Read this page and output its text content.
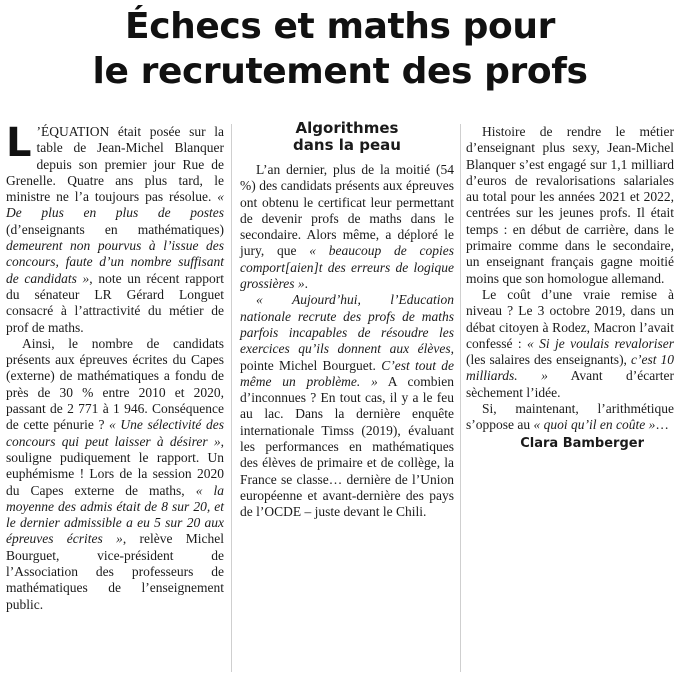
Échecs et maths pour
le recrutement des profs
L ’ÉQUATION était posée sur la table de Jean-Michel Blanquer depuis son premier jour Rue de Grenelle. Quatre ans plus tard, le ministre ne l’a toujours pas résolue. « De plus en plus de postes (d’enseignants en mathématiques) demeurent non pourvus à l’issue des concours, faute d’un nombre suffisant de candidats », note un récent rapport du sénateur LR Gérard Longuet consacré à l’attractivité du métier de prof de maths.

Ainsi, le nombre de candidats présents aux épreuves écrites du Capes (externe) de mathématiques a fondu de près de 30 % entre 2010 et 2020, passant de 2 771 à 1 946. Conséquence de cette pénurie ? « Une sélectivité des concours qui peut laisser à désirer », souligne pudiquement le rapport. Un euphémisme ! Lors de la session 2020 du Capes externe de maths, « la moyenne des admis était de 8 sur 20, et le dernier admissible a eu 5 sur 20 aux épreuves écrites », relève Michel Bourguet, vice-président de l’Association des professeurs de mathématiques de l’enseignement public.

Algorithmes
dans la peau

L’an dernier, plus de la moitié (54 %) des candidats présents aux épreuves ont obtenu le certificat leur permettant de devenir profs de maths dans le secondaire. Alors même, a déploré le jury, que « beaucoup de copies comport[aien]t des erreurs de logique grossières ».

« Aujourd’hui, l’Education nationale recrute des profs de maths parfois incapables de résoudre les exercices qu’ils donnent aux élèves, pointe Michel Bourguet. C’est tout de même un problème. » A combien d’inconnues ? En tout cas, il y a le feu au lac. Dans la dernière enquête internationale Timss (2019), évaluant les performances en mathématiques des élèves de primaire et de collège, la France se classe… dernière de l’Union européenne et avant-dernière des pays de l’OCDE – juste devant le Chili.

Histoire de rendre le métier d’enseignant plus sexy, Jean-Michel Blanquer s’est engagé sur 1,1 milliard d’euros de revalorisations salariales au total pour les années 2021 et 2022, centrées sur les jeunes profs. Il était temps : en début de carrière, dans le primaire comme dans le secondaire, un enseignant français gagne moitié moins que son homologue allemand.

Le coût d’une vraie remise à niveau ? Le 3 octobre 2019, dans un débat citoyen à Rodez, Macron l’avait confessé : « Si je voulais revaloriser (les salaires des enseignants), c’est 10 milliards. » Avant d’écarter sèchement l’idée.

Si, maintenant, l’arithmétique s’oppose au « quoi qu’il en coûte »…

Clara Bamberger
